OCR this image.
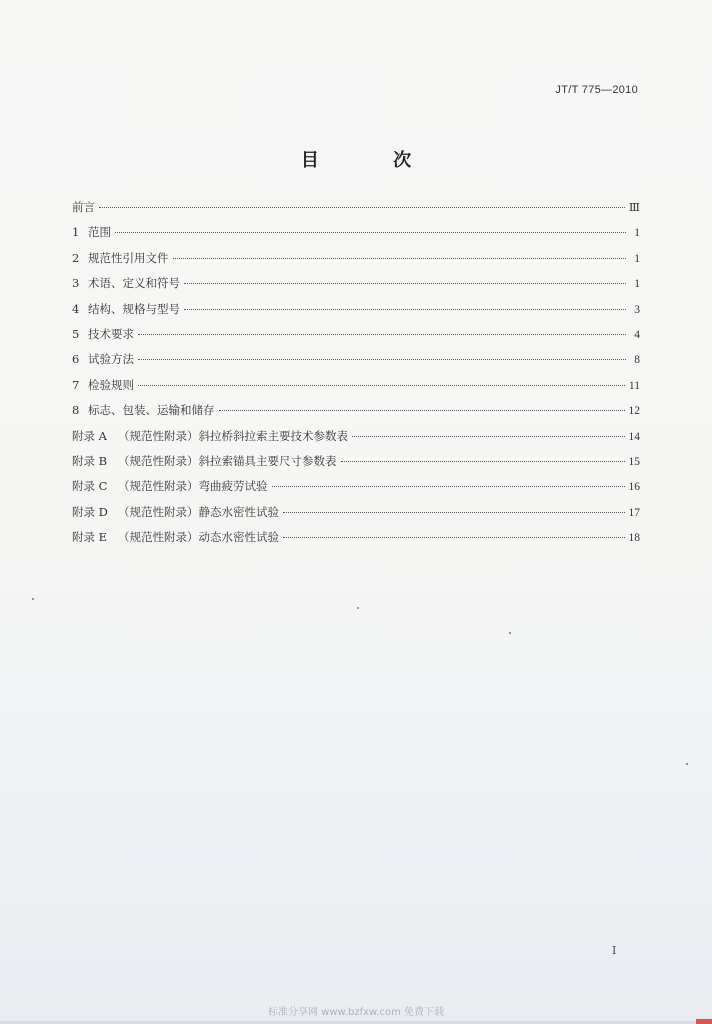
JT/T 775—2010
目 次
前言	Ⅲ
1 范围	1
2 规范性引用文件	1
3 术语、定义和符号	1
4 结构、规格与型号	3
5 技术要求	4
6 试验方法	8
7 检验规则	11
8 标志、包装、运输和储存	12
附录 A （规范性附录）斜拉桥斜拉索主要技术参数表	14
附录 B （规范性附录）斜拉索锚具主要尺寸参数表	15
附录 C （规范性附录）弯曲疲劳试验	16
附录 D （规范性附录）静态水密性试验	17
附录 E （规范性附录）动态水密性试验	18
I
标准分享网 www.bzfxw.com 免费下载
